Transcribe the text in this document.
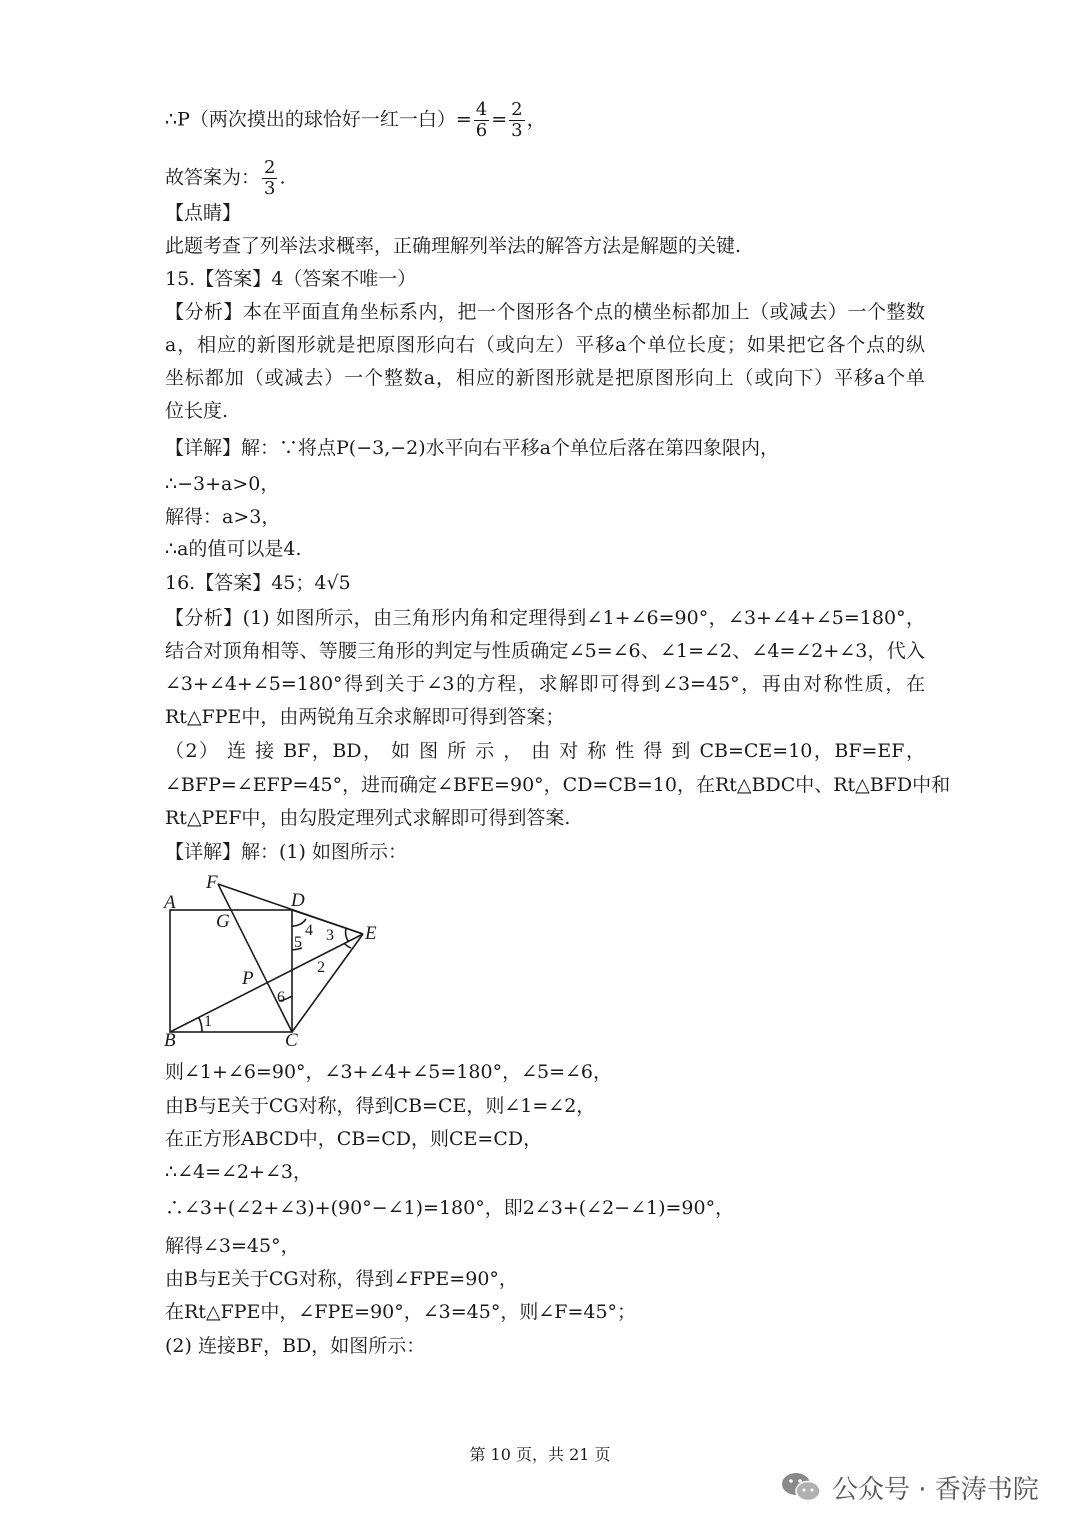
∴P（两次摸出的球恰好一红一白）= $\frac{4}{6} = \frac{2}{3}$ ，
故答案为： $\frac{2}{3}$ .
【点睛】
此题考查了列举法求概率，正确理解列举法的解答方法是解题的关键.
15.【答案】4（答案不唯一）
【分析】本在平面直角坐标系内，把一个图形各个点的横坐标都加上（或减去）一个整数
a，相应的新图形就是把原图形向右（或向左）平移a个单位长度；如果把它各个点的纵
坐标都加（或减去）一个整数a，相应的新图形就是把原图形向上（或向下）平移a个单
位长度.
【详解】解：∵将点P(−3,−2)水平向右平移a个单位后落在第四象限内，
∴−3+a>0，
解得：a>3，
∴a的值可以是4.
16.【答案】45；4√5
【分析】(1) 如图所示，由三角形内角和定理得到∠1+∠6=90°，∠3+∠4+∠5=180°，
结合对顶角相等、等腰三角形的判定与性质确定∠5=∠6、∠1=∠2、∠4=∠2+∠3，代入
∠3+∠4+∠5=180°得到关于∠3的方程，求解即可得到∠3=45°，再由对称性质，在
Rt△FPE中，由两锐角互余求解即可得到答案；
（2） 连 接 BF，BD， 如 图 所 示 ， 由 对 称 性 得 到 CB=CE=10，BF=EF，
∠BFP=∠EFP=45°，进而确定∠BFE=90°，CD=CB=10，在Rt△BDC中、Rt△BFD中和
Rt△PEF中，由勾股定理列式求解即可得到答案.
【详解】解：(1) 如图所示：
F
A	D
G
E
P
B	C
1
2
3
4
5
6
则∠1+∠6=90°，∠3+∠4+∠5=180°，∠5=∠6，
由B与E关于CG对称，得到CB=CE，则∠1=∠2，
在正方形ABCD中，CB=CD，则CE=CD，
∴∠4=∠2+∠3，
∴∠3+(∠2+∠3)+(90°−∠1)=180°，即2∠3+(∠2−∠1)=90°，
解得∠3=45°，
由B与E关于CG对称，得到∠FPE=90°，
在Rt△FPE中，∠FPE=90°，∠3=45°，则∠F=45°；
(2) 连接BF，BD，如图所示：
第 10 页，共 21 页
公众号 · 香涛书院
